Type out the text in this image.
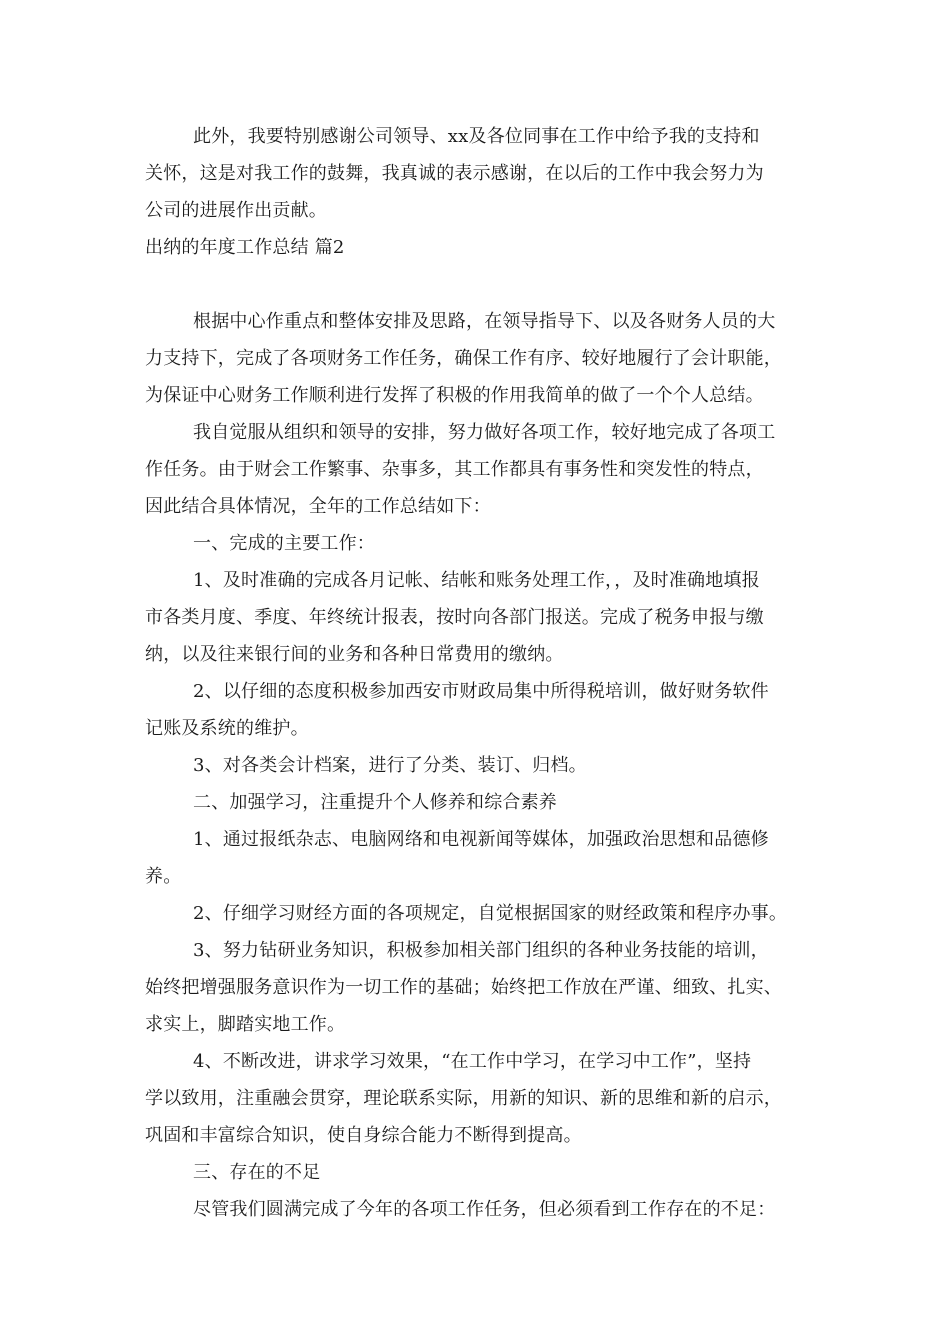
此外，我要特别感谢公司领导、xx及各位同事在工作中给予我的支持和
关怀，这是对我工作的鼓舞，我真诚的表示感谢，在以后的工作中我会努力为
公司的进展作出贡献。

出纳的年度工作总结 篇2

根据中心作重点和整体安排及思路，在领导指导下、以及各财务人员的大
力支持下，完成了各项财务工作任务，确保工作有序、较好地履行了会计职能，
为保证中心财务工作顺利进行发挥了积极的作用我简单的做了一个个人总结。

我自觉服从组织和领导的安排，努力做好各项工作，较好地完成了各项工
作任务。由于财会工作繁事、杂事多，其工作都具有事务性和突发性的特点，
因此结合具体情况，全年的工作总结如下：

一、完成的主要工作：

1、及时准确的完成各月记帐、结帐和账务处理工作，，及时准确地填报
市各类月度、季度、年终统计报表，按时向各部门报送。完成了税务申报与缴
纳，以及往来银行间的业务和各种日常费用的缴纳。

2、以仔细的态度积极参加西安市财政局集中所得税培训，做好财务软件
记账及系统的维护。

3、对各类会计档案，进行了分类、装订、归档。

二、加强学习，注重提升个人修养和综合素养

1、通过报纸杂志、电脑网络和电视新闻等媒体，加强政治思想和品德修
养。

2、仔细学习财经方面的各项规定，自觉根据国家的财经政策和程序办事。

3、努力钻研业务知识，积极参加相关部门组织的各种业务技能的培训，
始终把增强服务意识作为一切工作的基础；始终把工作放在严谨、细致、扎实、
求实上，脚踏实地工作。

4、不断改进，讲求学习效果，“在工作中学习，在学习中工作”，坚持
学以致用，注重融会贯穿，理论联系实际，用新的知识、新的思维和新的启示，
巩固和丰富综合知识，使自身综合能力不断得到提高。

三、存在的不足

尽管我们圆满完成了今年的各项工作任务，但必须看到工作存在的不足：
